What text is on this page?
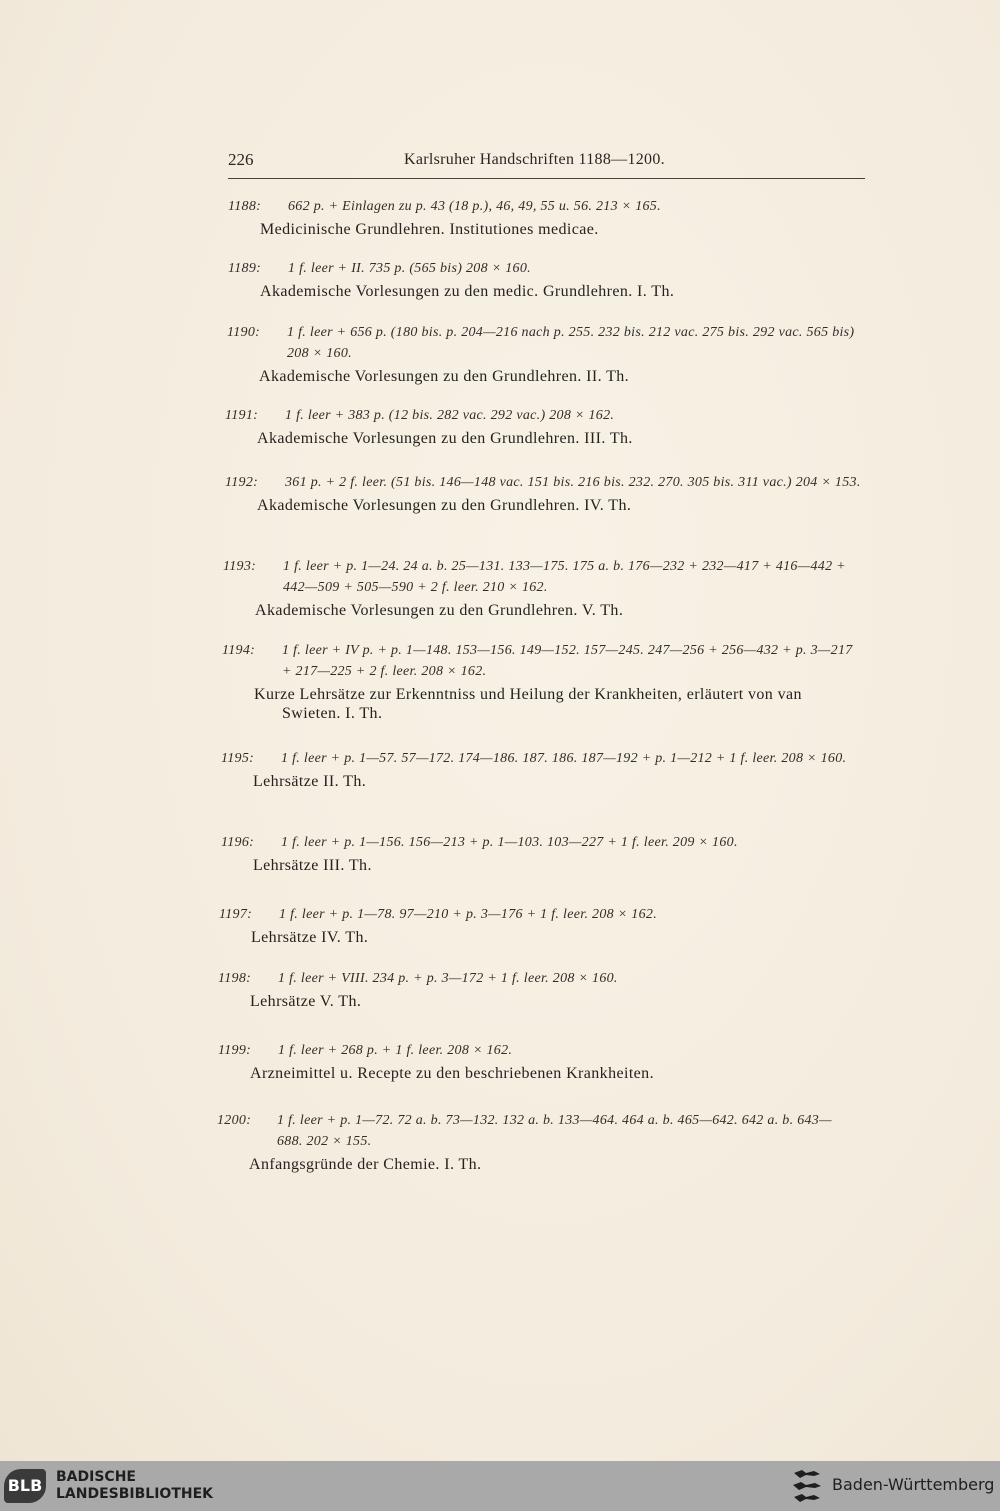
226	Karlsruher Handschriften 1188—1200.
1188: 662 p. + Einlagen zu p. 43 (18 p.), 46, 49, 55 u. 56. 213 × 165.
Medicinische Grundlehren. Institutiones medicae.
1189: 1 f. leer + II. 735 p. (565 bis) 208 × 160.
Akademische Vorlesungen zu den medic. Grundlehren. I. Th.
1190: 1 f. leer + 656 p. (180 bis. p. 204—216 nach p. 255. 232 bis. 212 vac. 275 bis. 292 vac. 565 bis) 208 × 160.
Akademische Vorlesungen zu den Grundlehren. II. Th.
1191: 1 f. leer + 383 p. (12 bis. 282 vac. 292 vac.) 208 × 162.
Akademische Vorlesungen zu den Grundlehren. III. Th.
1192: 361 p. + 2 f. leer. (51 bis. 146—148 vac. 151 bis. 216 bis. 232. 270. 305 bis. 311 vac.) 204 × 153.
Akademische Vorlesungen zu den Grundlehren. IV. Th.
1193: 1 f. leer + p. 1—24. 24 a. b. 25—131. 133—175. 175 a. b. 176—232 + 232—417 + 416—442 + 442—509 + 505—590 + 2 f. leer. 210 × 162.
Akademische Vorlesungen zu den Grundlehren. V. Th.
1194: 1 f. leer + IV p. + p. 1—148. 153—156. 149—152. 157—245. 247—256 + 256—432 + p. 3—217 + 217—225 + 2 f. leer. 208 × 162.
Kurze Lehrsätze zur Erkenntniss und Heilung der Krankheiten, erläutert von van Swieten. I. Th.
1195: 1 f. leer + p. 1—57. 57—172. 174—186. 187. 186. 187—192 + p. 1—212 + 1 f. leer. 208 × 160.
Lehrsätze II. Th.
1196: 1 f. leer + p. 1—156. 156—213 + p. 1—103. 103—227 + 1 f. leer. 209 × 160.
Lehrsätze III. Th.
1197: 1 f. leer + p. 1—78. 97—210 + p. 3—176 + 1 f. leer. 208 × 162.
Lehrsätze IV. Th.
1198: 1 f. leer + VIII. 234 p. + p. 3—172 + 1 f. leer. 208 × 160.
Lehrsätze V. Th.
1199: 1 f. leer + 268 p. + 1 f. leer. 208 × 162.
Arzneimittel u. Recepte zu den beschriebenen Krankheiten.
1200: 1 f. leer + p. 1—72. 72 a. b. 73—132. 132 a. b. 133—464. 464 a. b. 465—642. 642 a. b. 643—688. 202 × 155.
Anfangsgründe der Chemie. I. Th.
BLB BADISCHE
LANDESBIBLIOTHEK	Baden-Württemberg
